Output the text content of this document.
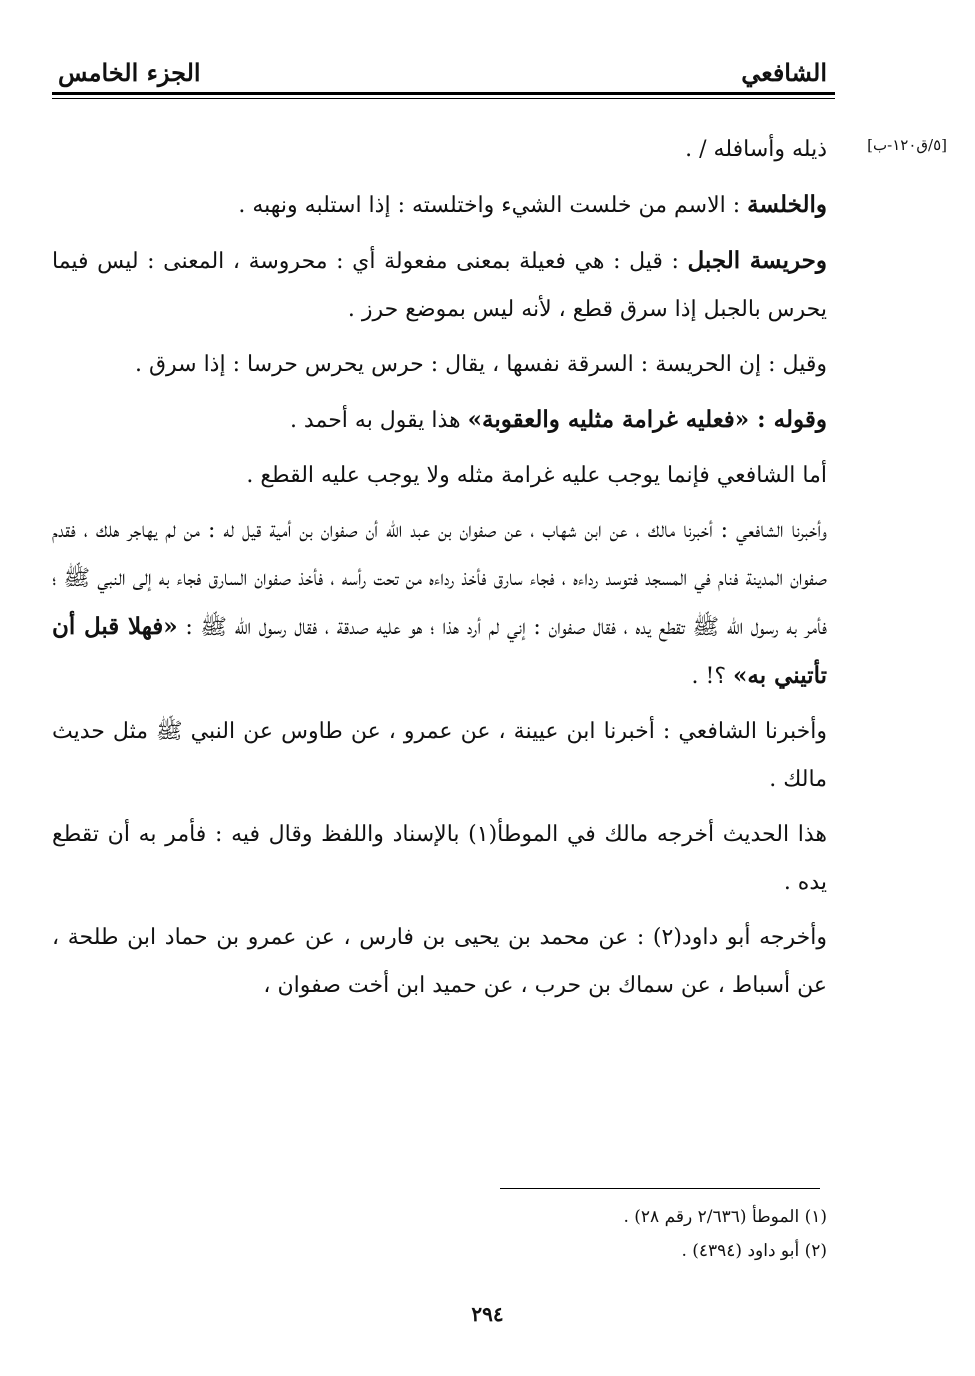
الشافعي
الجزء الخامس
[٥/ق١٢٠-ب]

ذيله وأسافله / .

والخلسة : الاسم من خلست الشيء واختلسته : إذا استلبه ونهبه .

وحريسة الجبل : قيل : هي فعيلة بمعنى مفعولة أي : محروسة ، المعنى : ليس فيما يحرس بالجبل إذا سرق قطع ، لأنه ليس بموضع حرز .

وقيل : إن الحريسة : السرقة نفسها ، يقال : حرس يحرس حرسا : إذا سرق .

وقوله : «فعليه غرامة مثليه والعقوبة» هذا يقول به أحمد .

أما الشافعي فإنما يوجب عليه غرامة مثله ولا يوجب عليه القطع .

وأخبرنا الشافعي : أخبرنا مالك ، عن ابن شهاب ، عن صفوان بن عبد الله أن صفوان بن أمية قيل له : من لم يهاجر هلك ، فقدم صفوان المدينة فنام في المسجد فتوسد رداءه ، فجاء سارق فأخذ رداءه من تحت رأسه ، فأخذ صفوان السارق فجاء به إلى النبي ﷺ ؛ فأمر به رسول الله ﷺ تقطع يده ، فقال صفوان : إني لم أرد هذا ؛ هو عليه صدقة ، فقال رسول الله ﷺ : «فهلا قبل أن تأتيني به» ؟! .

وأخبرنا الشافعي : أخبرنا ابن عيينة ، عن عمرو ، عن طاوس عن النبي ﷺ مثل حديث مالك .

هذا الحديث أخرجه مالك في الموطأ(١) بالإسناد واللفظ وقال فيه : فأمر به أن تقطع يده .

وأخرجه أبو داود(٢) : عن محمد بن يحيى بن فارس ، عن عمرو بن حماد ابن طلحة ، عن أسباط ، عن سماك بن حرب ، عن حميد ابن أخت صفوان ،

(١) الموطأ (٢/٦٣٦ رقم ٢٨) .
(٢) أبو داود (٤٣٩٤) .
٢٩٤
